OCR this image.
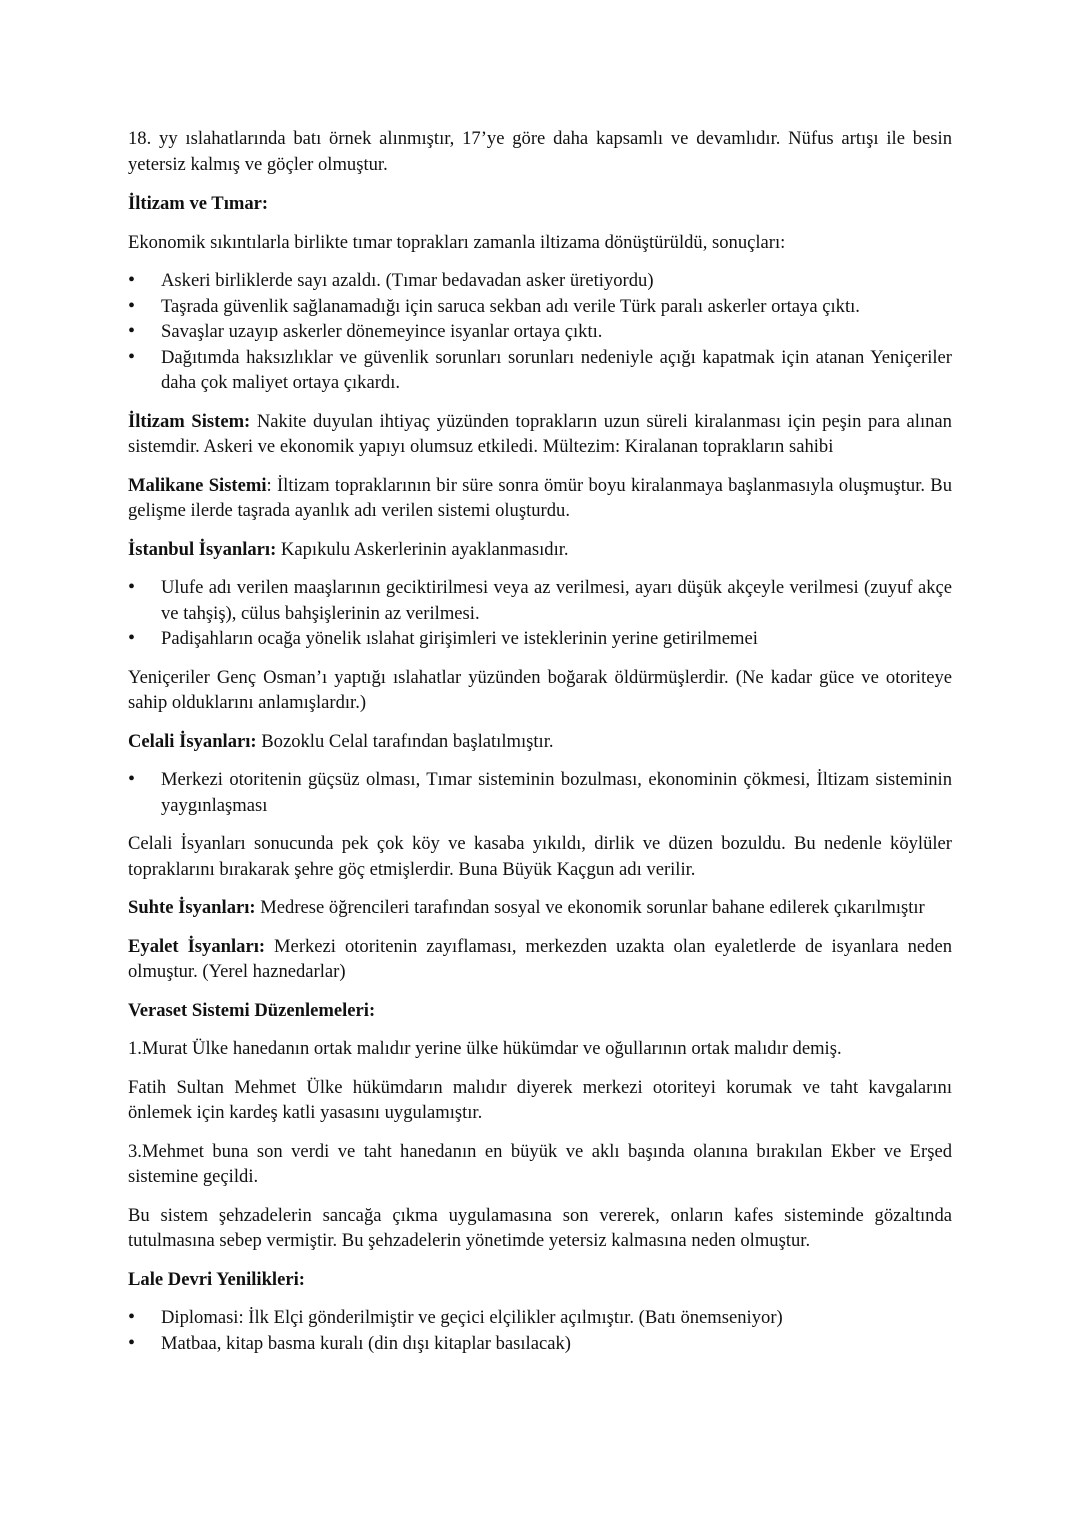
18. yy ıslahatlarında batı örnek alınmıştır, 17’ye göre daha kapsamlı ve devamlıdır. Nüfus artışı ile besin yetersiz kalmış ve göçler olmuştur.

İltizam ve Tımar:

Ekonomik sıkıntılarla birlikte tımar toprakları zamanla iltizama dönüştürüldü, sonuçları:

• Askeri birliklerde sayı azaldı. (Tımar bedavadan asker üretiyordu)
• Taşrada güvenlik sağlanamadığı için saruca sekban adı verile Türk paralı askerler ortaya çıktı.
• Savaşlar uzayıp askerler dönemeyince isyanlar ortaya çıktı.
• Dağıtımda haksızlıklar ve güvenlik sorunları sorunları nedeniyle açığı kapatmak için atanan Yeniçeriler daha çok maliyet ortaya çıkardı.

İltizam Sistem: Nakite duyulan ihtiyaç yüzünden toprakların uzun süreli kiralanması için peşin para alınan sistemdir. Askeri ve ekonomik yapıyı olumsuz etkiledi. Mültezim: Kiralanan toprakların sahibi

Malikane Sistemi: İltizam topraklarının bir süre sonra ömür boyu kiralanmaya başlanmasıyla oluşmuştur. Bu gelişme ilerde taşrada ayanlık adı verilen sistemi oluşturdu.

İstanbul İsyanları: Kapıkulu Askerlerinin ayaklanmasıdır.

• Ulufe adı verilen maaşlarının geciktirilmesi veya az verilmesi, ayarı düşük akçeyle verilmesi (zuyuf akçe ve tahşiş), cülus bahşişlerinin az verilmesi.
• Padişahların ocağa yönelik ıslahat girişimleri ve isteklerinin yerine getirilmemei

Yeniçeriler Genç Osman’ı yaptığı ıslahatlar yüzünden boğarak öldürmüşlerdir. (Ne kadar güce ve otoriteye sahip olduklarını anlamışlardır.)

Celali İsyanları: Bozoklu Celal tarafından başlatılmıştır.

• Merkezi otoritenin güçsüz olması, Tımar sisteminin bozulması, ekonominin çökmesi, İltizam sisteminin yaygınlaşması

Celali İsyanları sonucunda pek çok köy ve kasaba yıkıldı, dirlik ve düzen bozuldu. Bu nedenle köylüler topraklarını bırakarak şehre göç etmişlerdir. Buna Büyük Kaçgun adı verilir.

Suhte İsyanları: Medrese öğrencileri tarafından sosyal ve ekonomik sorunlar bahane edilerek çıkarılmıştır

Eyalet İsyanları: Merkezi otoritenin zayıflaması, merkezden uzakta olan eyaletlerde de isyanlara neden olmuştur. (Yerel haznedarlar)

Veraset Sistemi Düzenlemeleri:

1.Murat Ülke hanedanın ortak malıdır yerine ülke hükümdar ve oğullarının ortak malıdır demiş.

Fatih Sultan Mehmet Ülke hükümdarın malıdır diyerek merkezi otoriteyi korumak ve taht kavgalarını önlemek için kardeş katli yasasını uygulamıştır.

3.Mehmet buna son verdi ve taht hanedanın en büyük ve aklı başında olanına bırakılan Ekber ve Erşed sistemine geçildi.

Bu sistem şehzadelerin sancağa çıkma uygulamasına son vererek, onların kafes sisteminde gözaltında tutulmasına sebep vermiştir. Bu şehzadelerin yönetimde yetersiz kalmasına neden olmuştur.

Lale Devri Yenilikleri:
• Diplomasi: İlk Elçi gönderilmiştir ve geçici elçilikler açılmıştır. (Batı önemseniyor)
• Matbaa, kitap basma kuralı (din dışı kitaplar basılacak)
